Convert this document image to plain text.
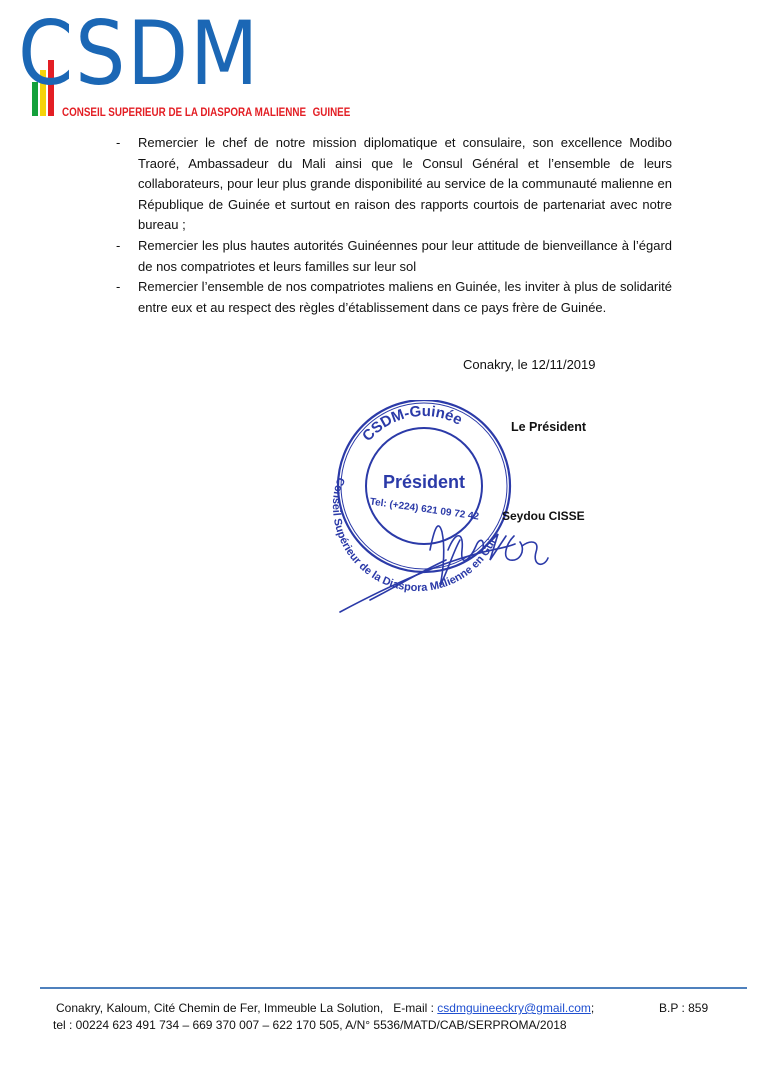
CSDM
CONSEIL SUPERIEUR DE LA DIASPORA MALIENNE GUINEE

- Remercier le chef de notre mission diplomatique et consulaire, son excellence Modibo Traoré, Ambassadeur du Mali ainsi que le Consul Général et l’ensemble de leurs collaborateurs, pour leur plus grande disponibilité au service de la communauté malienne en République de Guinée et surtout en raison des rapports courtois de partenariat avec notre bureau ;

- Remercier les plus hautes autorités Guinéennes pour leur attitude de bienveillance à l’égard de nos compatriotes et leurs familles sur leur sol

- Remercier l’ensemble de nos compatriotes maliens en Guinée, les inviter à plus de solidarité entre eux et au respect des règles d’établissement dans ce pays frère de Guinée.

Conakry, le 12/11/2019
CSDM-Guinée
Conseil Supérieur de la Diaspora Malienne en Gui
Président
Tel: (+224) 621 09 72 42
Le Président
Seydou CISSE
Conakry, Kaloum, Cité Chemin de Fer, Immeuble La Solution, E-mail : csdmguineeckry@gmail.com;	B.P : 859
tel : 00224 623 491 734 – 669 370 007 – 622 170 505, A/N° 5536/MATD/CAB/SERPROMA/2018
